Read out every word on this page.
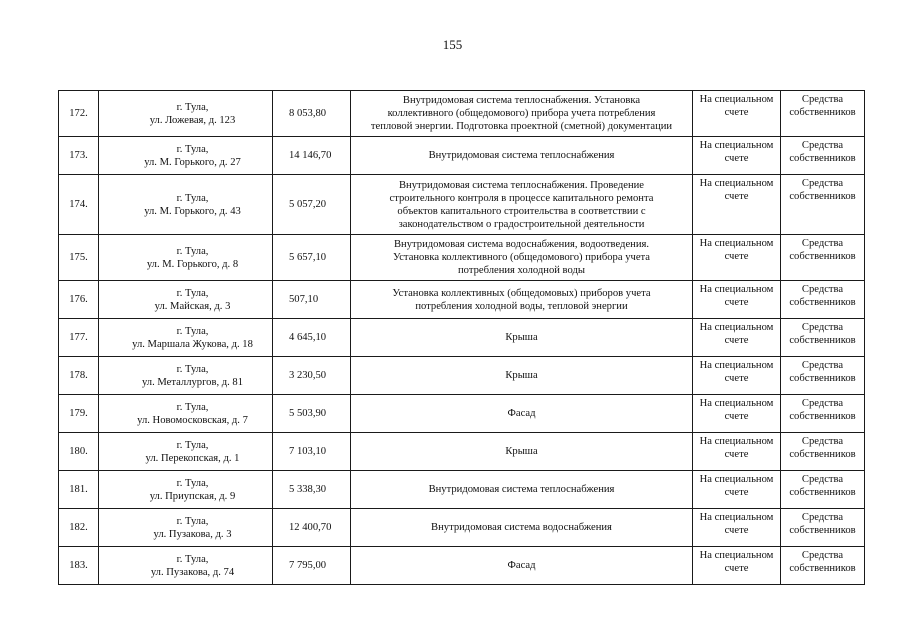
155
172.	г. Тула,
ул. Ложевая, д. 123	8 053,80	Внутридомовая система теплоснабжения. Установка
коллективного (общедомового) прибора учета потребления
тепловой энергии. Подготовка проектной (сметной) документации	На специальном
счете	Средства
собственников

173.	г. Тула,
ул. М. Горького, д. 27	14 146,70	Внутридомовая система теплоснабжения	На специальном
счете	Средства
собственников

174.	г. Тула,
ул. М. Горького, д. 43	5 057,20	Внутридомовая система теплоснабжения. Проведение
строительного контроля в процессе капитального ремонта
объектов капитального строительства в соответствии с
законодательством о градостроительной деятельности	На специальном
счете	Средства
собственников

175.	г. Тула,
ул. М. Горького, д. 8	5 657,10	Внутридомовая система водоснабжения, водоотведения.
Установка коллективного (общедомового) прибора учета
потребления холодной воды	На специальном
счете	Средства
собственников

176.	г. Тула,
ул. Майская, д. 3	507,10	Установка коллективных (общедомовых) приборов учета
потребления холодной воды, тепловой энергии	На специальном
счете	Средства
собственников

177.	г. Тула,
ул. Маршала Жукова, д. 18	4 645,10	Крыша	На специальном
счете	Средства
собственников

178.	г. Тула,
ул. Металлургов, д. 81	3 230,50	Крыша	На специальном
счете	Средства
собственников

179.	г. Тула,
ул. Новомосковская, д. 7	5 503,90	Фасад	На специальном
счете	Средства
собственников

180.	г. Тула,
ул. Перекопская, д. 1	7 103,10	Крыша	На специальном
счете	Средства
собственников

181.	г. Тула,
ул. Приупская, д. 9	5 338,30	Внутридомовая система теплоснабжения	На специальном
счете	Средства
собственников

182.	г. Тула,
ул. Пузакова, д. 3	12 400,70	Внутридомовая система водоснабжения	На специальном
счете	Средства
собственников

183.	г. Тула,
ул. Пузакова, д. 74	7 795,00	Фасад	На специальном
счете	Средства
собственников
